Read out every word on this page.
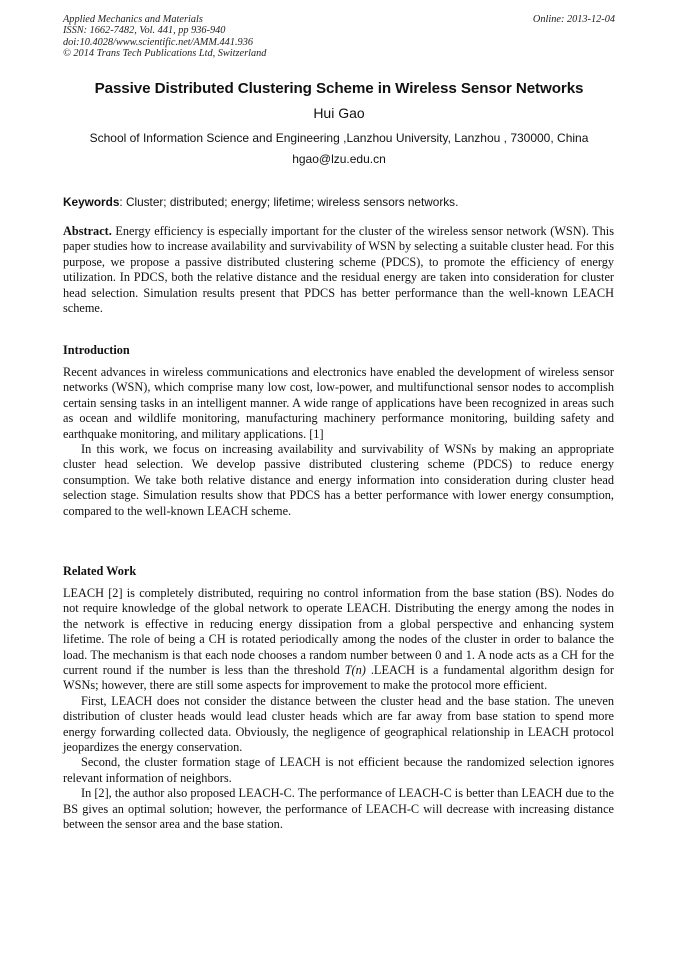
Applied Mechanics and Materials
ISSN: 1662-7482, Vol. 441, pp 936-940
doi:10.4028/www.scientific.net/AMM.441.936
© 2014 Trans Tech Publications Ltd, Switzerland
Online: 2013-12-04
Passive Distributed Clustering Scheme in Wireless Sensor Networks
Hui Gao
School of Information Science and Engineering ,Lanzhou University, Lanzhou , 730000, China
hgao@lzu.edu.cn
Keywords: Cluster; distributed; energy; lifetime; wireless sensors networks.

Abstract. Energy efficiency is especially important for the cluster of the wireless sensor network (WSN). This paper studies how to increase availability and survivability of WSN by selecting a suitable cluster head. For this purpose, we propose a passive distributed clustering scheme (PDCS), to promote the efficiency of energy utilization. In PDCS, both the relative distance and the residual energy are taken into consideration for cluster head selection. Simulation results present that PDCS has better performance than the well-known LEACH scheme.

Introduction

Recent advances in wireless communications and electronics have enabled the development of wireless sensor networks (WSN), which comprise many low cost, low-power, and multifunctional sensor nodes to accomplish certain sensing tasks in an intelligent manner. A wide range of applications have been recognized in areas such as ocean and wildlife monitoring, manufacturing machinery performance monitoring, building safety and earthquake monitoring, and military applications. [1]

In this work, we focus on increasing availability and survivability of WSNs by making an appropriate cluster head selection. We develop passive distributed clustering scheme (PDCS) to reduce energy consumption. We take both relative distance and energy information into consideration during cluster head selection stage. Simulation results show that PDCS has a better performance with lower energy consumption, compared to the well-known LEACH scheme.

Related Work

LEACH [2] is completely distributed, requiring no control information from the base station (BS). Nodes do not require knowledge of the global network to operate LEACH. Distributing the energy among the nodes in the network is effective in reducing energy dissipation from a global perspective and enhancing system lifetime. The role of being a CH is rotated periodically among the nodes of the cluster in order to balance the load. The mechanism is that each node chooses a random number between 0 and 1. A node acts as a CH for the current round if the number is less than the threshold T(n) .LEACH is a fundamental algorithm design for WSNs; however, there are still some aspects for improvement to make the protocol more efficient.

First, LEACH does not consider the distance between the cluster head and the base station. The uneven distribution of cluster heads would lead cluster heads which are far away from base station to spend more energy forwarding collected data. Obviously, the negligence of geographical relationship in LEACH protocol jeopardizes the energy conservation.

Second, the cluster formation stage of LEACH is not efficient because the randomized selection ignores relevant information of neighbors.

In [2], the author also proposed LEACH-C. The performance of LEACH-C is better than LEACH due to the BS gives an optimal solution; however, the performance of LEACH-C will decrease with increasing distance between the sensor area and the base station.
